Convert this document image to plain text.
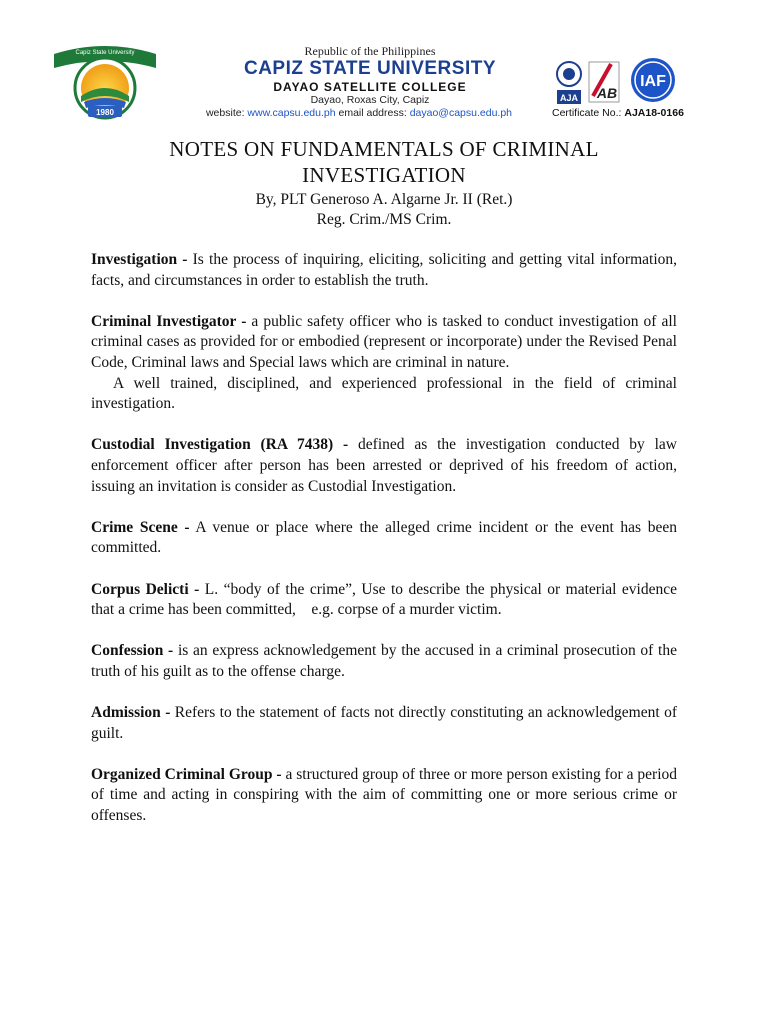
1980
Capiz State University	Republic of the Philippines
CAPIZ STATE UNIVERSITY
DAYAO SATELLITE COLLEGE
Dayao, Roxas City, Capiz
website: www.capsu.edu.ph email address: dayao@capsu.edu.ph
AJA AB
IAF
Certificate No.: AJA18-0166
NOTES ON FUNDAMENTALS OF CRIMINAL
INVESTIGATION
By, PLT Generoso A. Algarne Jr. II (Ret.)
Reg. Crim./MS Crim.

Investigation - Is the process of inquiring, eliciting, soliciting and getting vital information, facts, and circumstances in order to establish the truth.

Criminal Investigator - a public safety officer who is tasked to conduct investigation of all criminal cases as provided for or embodied (represent or incorporate) under the Revised Penal Code, Criminal laws and Special laws which are criminal in nature.

A well trained, disciplined, and experienced professional in the field of criminal investigation.

Custodial Investigation (RA 7438) - defined as the investigation conducted by law enforcement officer after person has been arrested or deprived of his freedom of action, issuing an invitation is consider as Custodial Investigation.

Crime Scene - A venue or place where the alleged crime incident or the event has been committed.

Corpus Delicti - L. “body of the crime”, Use to describe the physical or material evidence that a crime has been committed,    e.g. corpse of a murder victim.

Confession - is an express acknowledgement by the accused in a criminal prosecution of the truth of his guilt as to the offense charge.

Admission - Refers to the statement of facts not directly constituting an acknowledgement of guilt.

Organized Criminal Group - a structured group of three or more person existing for a period of time and acting in conspiring with the aim of committing one or more serious crime or offenses.
